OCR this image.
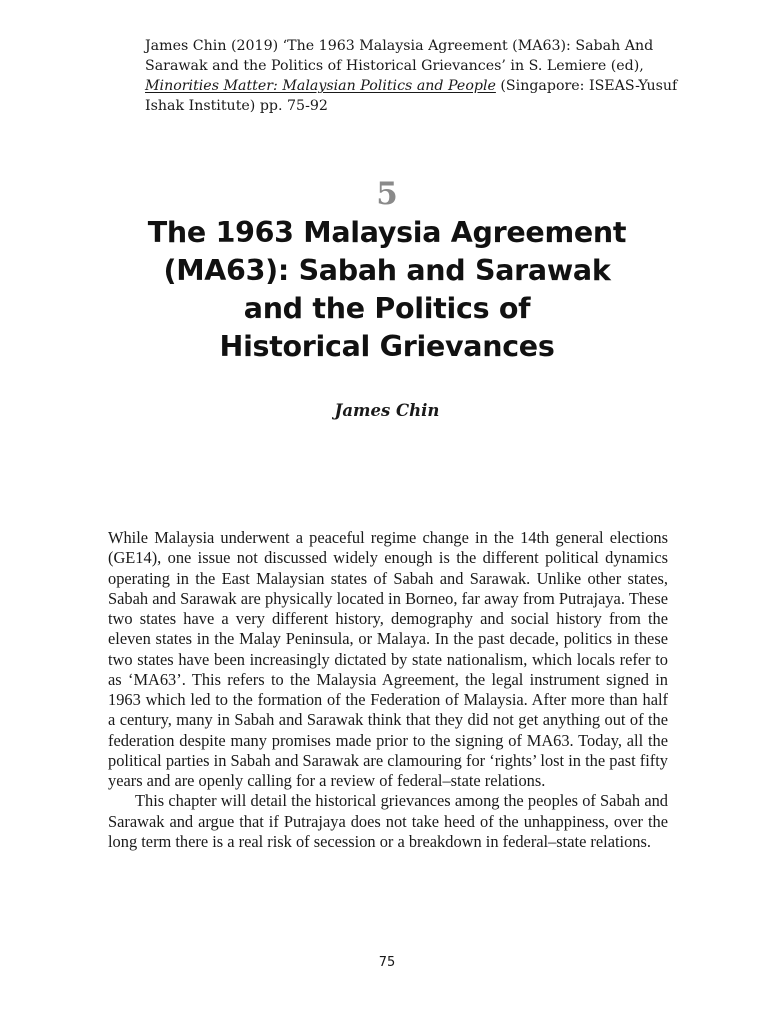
James Chin (2019) ‘The 1963 Malaysia Agreement (MA63): Sabah And Sarawak and the Politics of Historical Grievances’ in S. Lemiere (ed), Minorities Matter: Malaysian Politics and People (Singapore: ISEAS-Yusuf Ishak Institute) pp. 75-92
5
The 1963 Malaysia Agreement
(MA63): Sabah and Sarawak
and the Politics of
Historical Grievances
James Chin

While Malaysia underwent a peaceful regime change in the 14th general elections (GE14), one issue not discussed widely enough is the different political dynamics operating in the East Malaysian states of Sabah and Sarawak. Unlike other states, Sabah and Sarawak are physically located in Borneo, far away from Putrajaya. These two states have a very different history, demography and social history from the eleven states in the Malay Peninsula, or Malaya. In the past decade, politics in these two states have been increasingly dictated by state nationalism, which locals refer to as ‘MA63’. This refers to the Malaysia Agreement, the legal instrument signed in 1963 which led to the formation of the Federation of Malaysia. After more than half a century, many in Sabah and Sarawak think that they did not get anything out of the federation despite many promises made prior to the signing of MA63. Today, all the political parties in Sabah and Sarawak are clamouring for ‘rights’ lost in the past fifty years and are openly calling for a review of federal–state relations.

This chapter will detail the historical grievances among the peoples of Sabah and Sarawak and argue that if Putrajaya does not take heed of the unhappiness, over the long term there is a real risk of secession or a breakdown in federal–state relations.

75
